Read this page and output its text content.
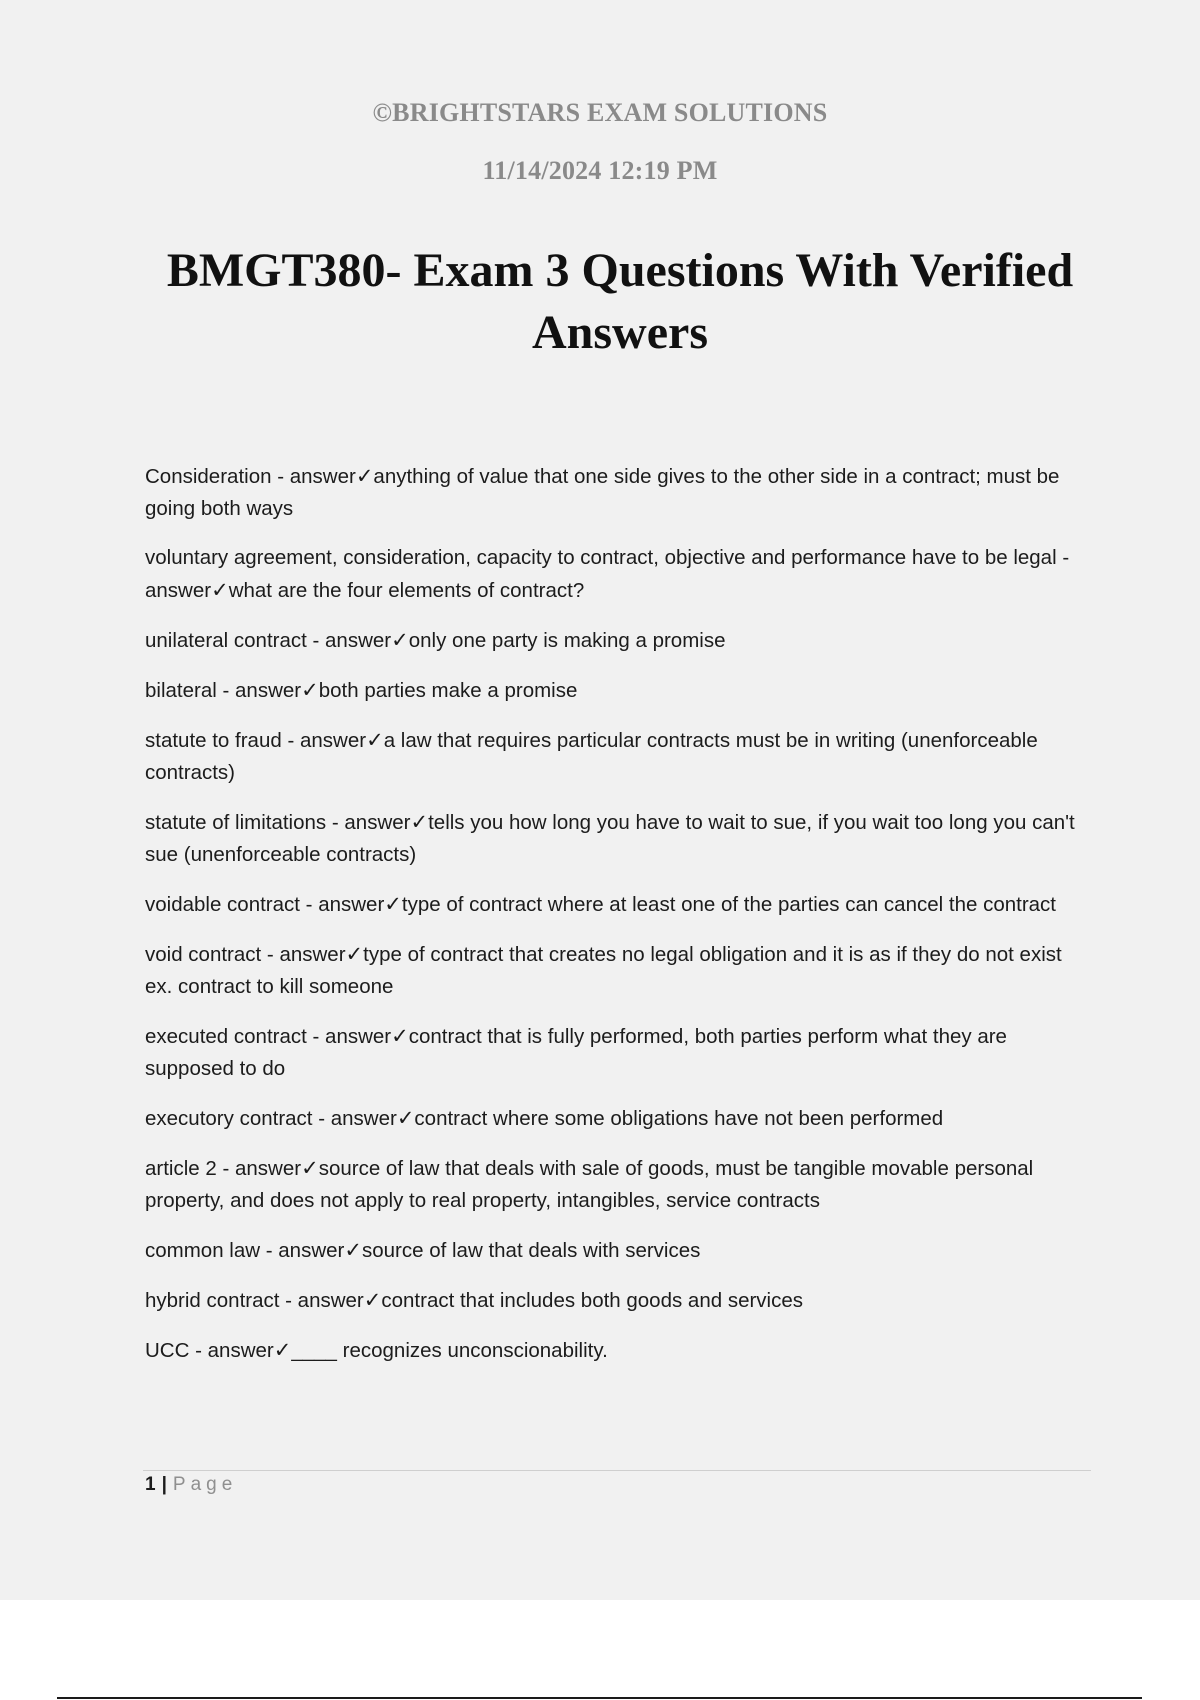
©BRIGHTSTARS EXAM SOLUTIONS
11/14/2024 12:19 PM
BMGT380- Exam 3 Questions With Verified Answers
Consideration - answer✓anything of value that one side gives to the other side in a contract; must be going both ways
voluntary agreement, consideration, capacity to contract, objective and performance have to be legal - answer✓what are the four elements of contract?
unilateral contract - answer✓only one party is making a promise
bilateral - answer✓both parties make a promise
statute to fraud - answer✓a law that requires particular contracts must be in writing (unenforceable contracts)
statute of limitations - answer✓tells you how long you have to wait to sue, if you wait too long you can't sue (unenforceable contracts)
voidable contract - answer✓type of contract where at least one of the parties can cancel the contract
void contract - answer✓type of contract that creates no legal obligation and it is as if they do not exist ex. contract to kill someone
executed contract - answer✓contract that is fully performed, both parties perform what they are supposed to do
executory contract - answer✓contract where some obligations have not been performed
article 2 - answer✓source of law that deals with sale of goods, must be tangible movable personal property, and does not apply to real property, intangibles, service contracts
common law - answer✓source of law that deals with services
hybrid contract - answer✓contract that includes both goods and services
UCC - answer✓____ recognizes unconscionability.
1 | Page
